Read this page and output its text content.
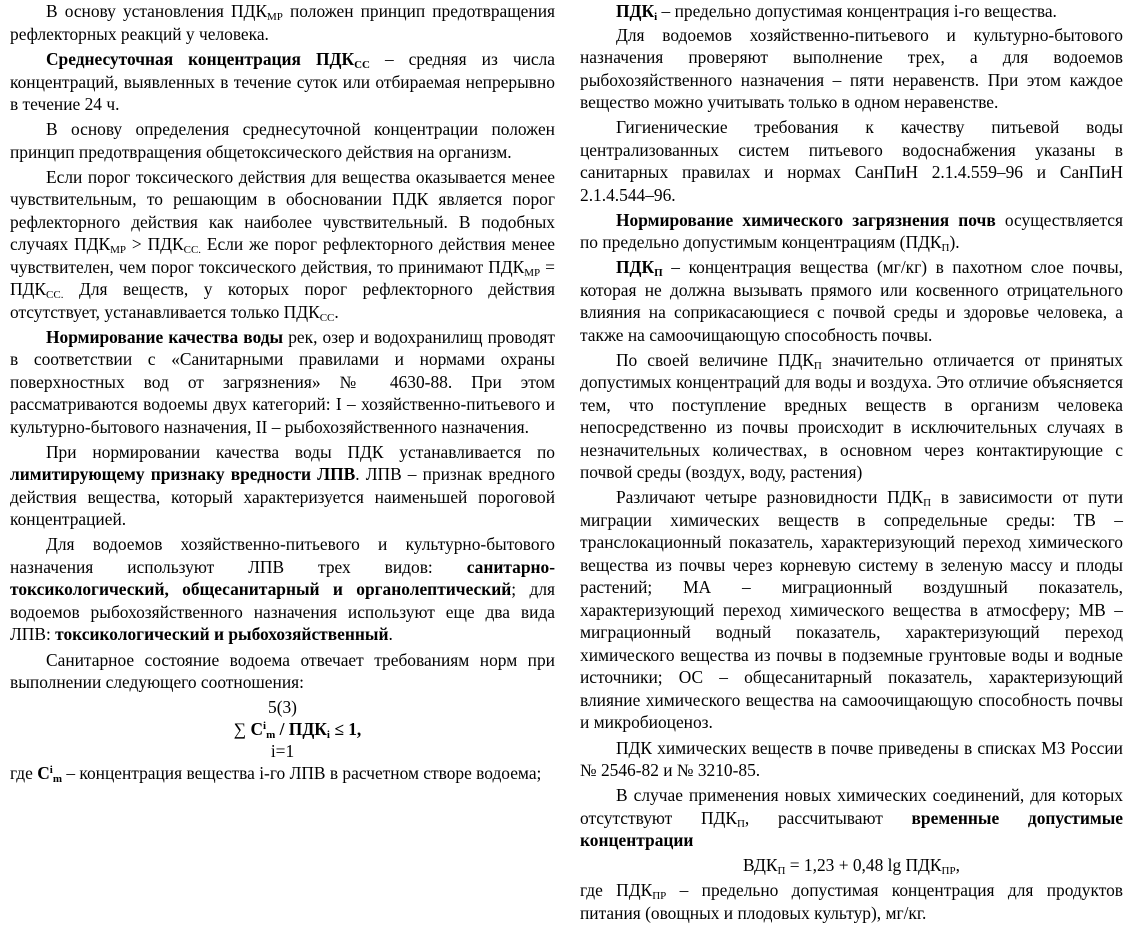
В основу установления $ПДК_{МР}$ положен принцип предотвращения рефлекторных реакций у человека.

Среднесуточная концентрация $ПДК_{СС}$ – средняя из числа концентраций, выявленных в течение суток или отбираемая непрерывно в течение 24 ч.

В основу определения среднесуточной концентрации положен принцип предотвращения общетоксического действия на организм.

Если порог токсического действия для вещества оказывается менее чувствительным, то решающим в обосновании ПДК является порог рефлекторного действия как наиболее чувствительный. В подобных случаях $ПДК_{МР} > ПДК_{СС.}$ Если же порог рефлекторного действия менее чувствителен, чем порог токсического действия, то принимают $ПДК_{МР} = ПДК_{СС.}$ Для веществ, у которых порог рефлекторного действия отсутствует, устанавливается только $ПДК_{СС}$.

Нормирование качества воды рек, озер и водохранилищ проводят в соответствии с «Санитарными правилами и нормами охраны поверхностных вод от загрязнения» № 4630-88. При этом рассматриваются водоемы двух категорий: I – хозяйственно-питьевого и культурно-бытового назначения, II – рыбохозяйственного назначения.

При нормировании качества воды ПДК устанавливается по лимитирующему признаку вредности ЛПВ. ЛПВ – признак вредного действия вещества, который характеризуется наименьшей пороговой концентрацией.

Для водоемов хозяйственно-питьевого и культурно-бытового назначения используют ЛПВ трех видов: санитарно-токсикологический, общесанитарный и органолептический; для водоемов рыбохозяйственного назначения используют еще два вида ЛПВ: токсикологический и рыбохозяйственный.

Санитарное состояние водоема отвечает требованиям норм при выполнении следующего соотношения:

5(3)
∑ $C^i_m / ПДК_i \le 1$,
i=1

где $C^i_m$ – концентрация вещества i-го ЛПВ в расчетном створе водоема;

$ПДК_i$ – предельно допустимая концентрация i-го вещества.

Для водоемов хозяйственно-питьевого и культурно-бытового назначения проверяют выполнение трех, а для водоемов рыбохозяйственного назначения – пяти неравенств. При этом каждое вещество можно учитывать только в одном неравенстве.

Гигиенические требования к качеству питьевой воды централизованных систем питьевого водоснабжения указаны в санитарных правилах и нормах СанПиН 2.1.4.559–96 и СанПиН 2.1.4.544–96.

Нормирование химического загрязнения почв осуществляется по предельно допустимым концентрациям $(ПДК_П)$.

$ПДК_П$ – концентрация вещества (мг/кг) в пахотном слое почвы, которая не должна вызывать прямого или косвенного отрицательного влияния на соприкасающиеся с почвой среды и здоровье человека, а также на самоочищающую способность почвы.

По своей величине $ПДК_П$ значительно отличается от принятых допустимых концентраций для воды и воздуха. Это отличие объясняется тем, что поступление вредных веществ в организм человека непосредственно из почвы происходит в исключительных случаях в незначительных количествах, в основном через контактирующие с почвой среды (воздух, воду, растения)

Различают четыре разновидности $ПДК_П$ в зависимости от пути миграции химических веществ в сопредельные среды: ТВ – транслокационный показатель, характеризующий переход химического вещества из почвы через корневую систему в зеленую массу и плоды растений; МА – миграционный воздушный показатель, характеризующий переход химического вещества в атмосферу; МВ – миграционный водный показатель, характеризующий переход химического вещества из почвы в подземные грунтовые воды и водные источники; ОС – общесанитарный показатель, характеризующий влияние химического вещества на самоочищающую способность почвы и микробиоценоз.

ПДК химических веществ в почве приведены в списках МЗ России № 2546-82 и № 3210-85.

В случае применения новых химических соединений, для которых отсутствуют $ПДК_П$, рассчитывают временные допустимые концентрации

$ВДК_П = 1,23 + 0,48$ $\lg ПДК_{ПР}$,

где $ПДК_{ПР}$ – предельно допустимая концентрация для продуктов питания (овощных и плодовых культур), мг/кг.
